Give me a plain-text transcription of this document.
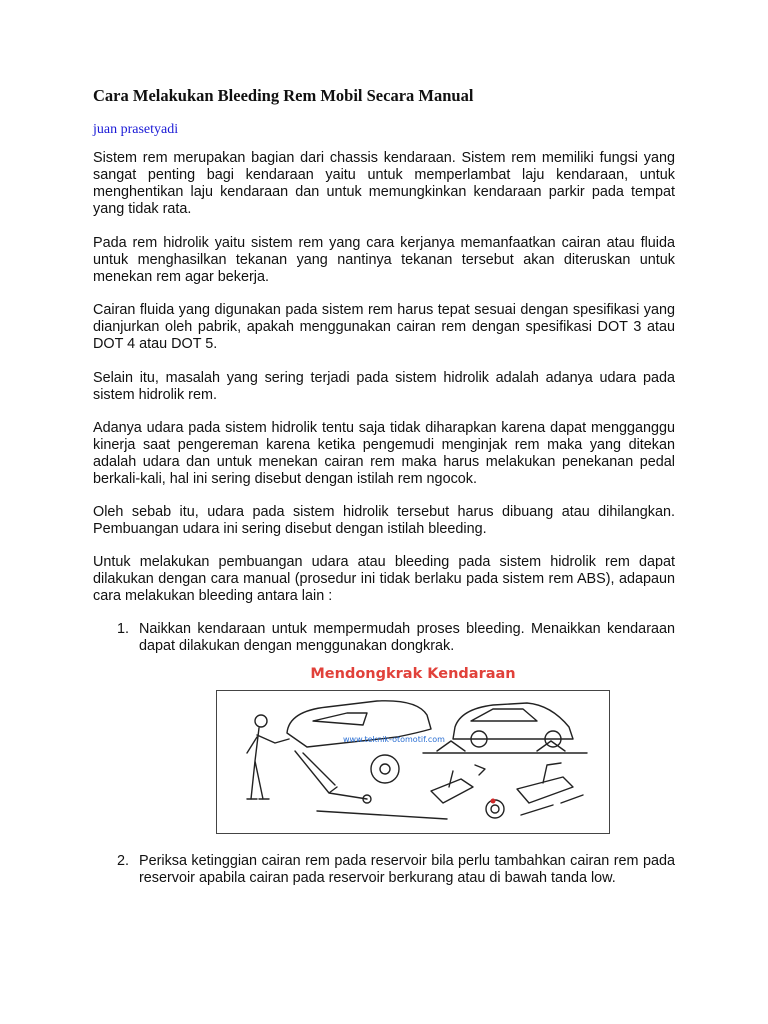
Cara Melakukan Bleeding Rem Mobil Secara Manual
juan prasetyadi

Sistem rem merupakan bagian dari chassis kendaraan. Sistem rem memiliki fungsi yang sangat penting bagi kendaraan yaitu untuk memperlambat laju kendaraan, untuk menghentikan laju kendaraan dan untuk memungkinkan kendaraan parkir pada tempat yang tidak rata.

Pada rem hidrolik yaitu sistem rem yang cara kerjanya memanfaatkan cairan atau fluida untuk menghasilkan tekanan yang nantinya tekanan tersebut akan diteruskan untuk menekan rem agar bekerja.

Cairan fluida yang digunakan pada sistem rem harus tepat sesuai dengan spesifikasi yang dianjurkan oleh pabrik, apakah menggunakan cairan rem dengan spesifikasi DOT 3 atau DOT 4 atau DOT 5.

Selain itu, masalah yang sering terjadi pada sistem hidrolik adalah adanya udara pada sistem hidrolik rem.

Adanya udara pada sistem hidrolik tentu saja tidak diharapkan karena dapat mengganggu kinerja saat pengereman karena ketika pengemudi menginjak rem maka yang ditekan adalah udara dan untuk menekan cairan rem maka harus melakukan penekanan pedal berkali-kali, hal ini sering disebut dengan istilah rem ngocok.

Oleh sebab itu, udara pada sistem hidrolik tersebut harus dibuang atau dihilangkan. Pembuangan udara ini sering disebut dengan istilah bleeding.

Untuk melakukan pembuangan udara atau bleeding pada sistem hidrolik rem dapat dilakukan dengan cara manual (prosedur ini tidak berlaku pada sistem rem ABS), adapaun cara melakukan bleeding antara lain :

1. Naikkan kendaraan untuk mempermudah proses bleeding. Menaikkan kendaraan dapat dilakukan dengan menggunakan dongkrak.
Mendongkrak Kendaraan
www.teknik-otomotif.com
2. Periksa ketinggian cairan rem pada reservoir bila perlu tambahkan cairan rem pada reservoir apabila cairan pada reservoir berkurang atau di bawah tanda low.
